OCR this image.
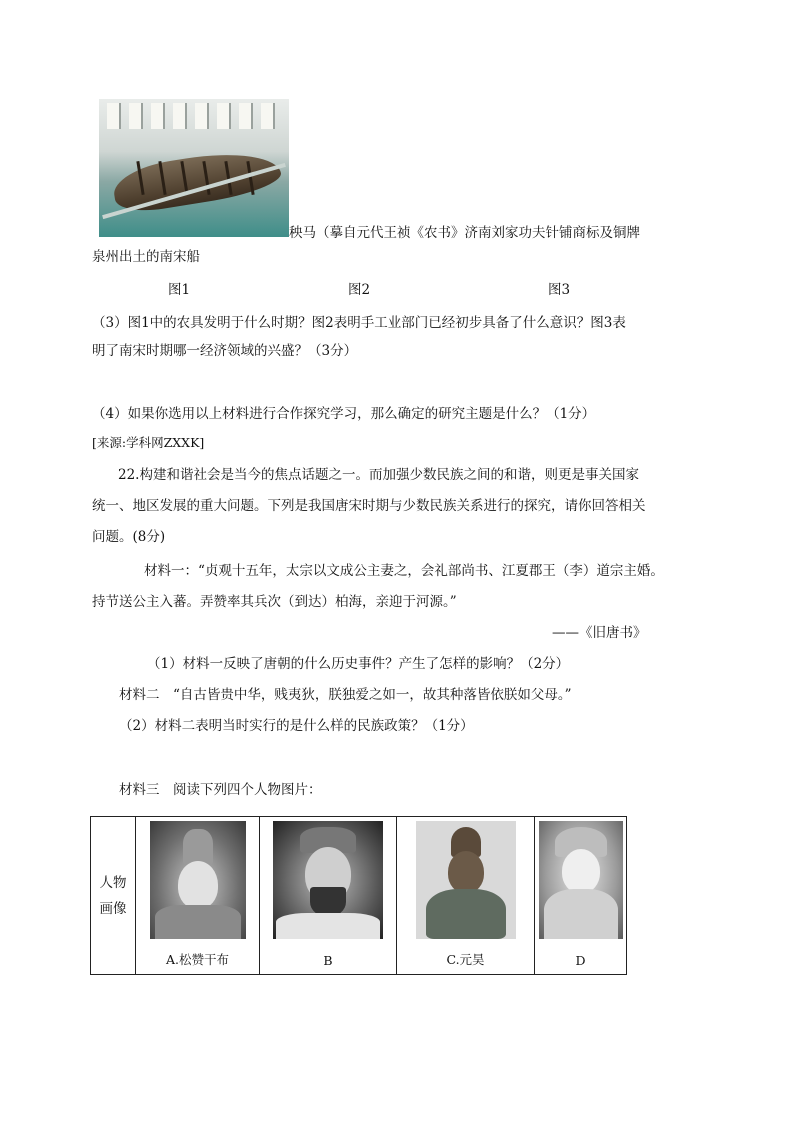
秧马（摹自元代王祯《农书》济南刘家功夫针铺商标及铜牌
泉州出土的南宋船
图1	图2	图3
（3）图1中的农具发明于什么时期？图2表明手工业部门已经初步具备了什么意识？图3表
明了南宋时期哪一经济领域的兴盛？（3分）
（4）如果你选用以上材料进行合作探究学习，那么确定的研究主题是什么？（1分）
[来源:学科网ZXXK]
22.构建和谐社会是当今的焦点话题之一。而加强少数民族之间的和谐，则更是事关国家
统一、地区发展的重大问题。下列是我国唐宋时期与少数民族关系进行的探究，请你回答相关
问题。(8分)
材料一：“贞观十五年，太宗以文成公主妻之，会礼部尚书、江夏郡王（李）道宗主婚。
持节送公主入蕃。弄赞率其兵次（到达）柏海，亲迎于河源。”
——《旧唐书》
（1）材料一反映了唐朝的什么历史事件？产生了怎样的影响？（2分）
材料二　“自古皆贵中华，贱夷狄，朕独爱之如一，故其种落皆依朕如父母。”
（2）材料二表明当时实行的是什么样的民族政策？（1分）
材料三　阅读下列四个人物图片：
人物
画像

A.松赞干布	B	C.元昊	D
